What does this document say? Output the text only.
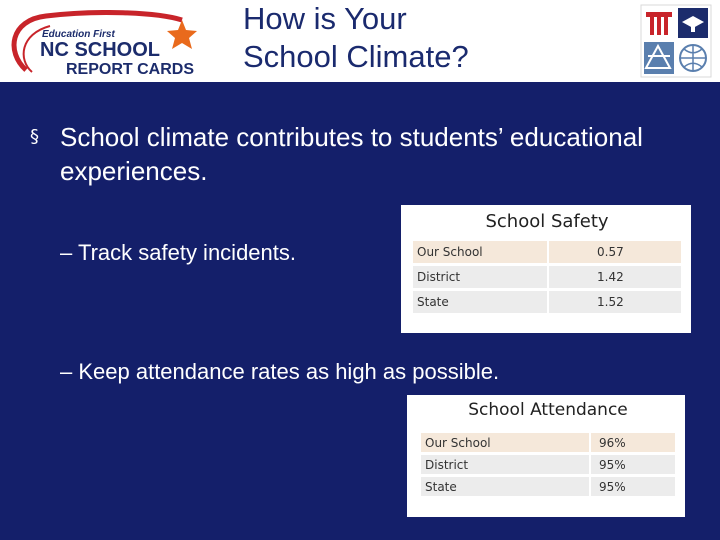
Education First
NC SCHOOL
REPORT CARDS
How is Your
School Climate?
§ School climate contributes to students’ educational experiences.
– Track safety incidents.
School Safety
Our School	0.57
District	1.42
State	1.52
– Keep attendance rates as high as possible.
School Attendance
Our School	96%
District	95%
State	95%
